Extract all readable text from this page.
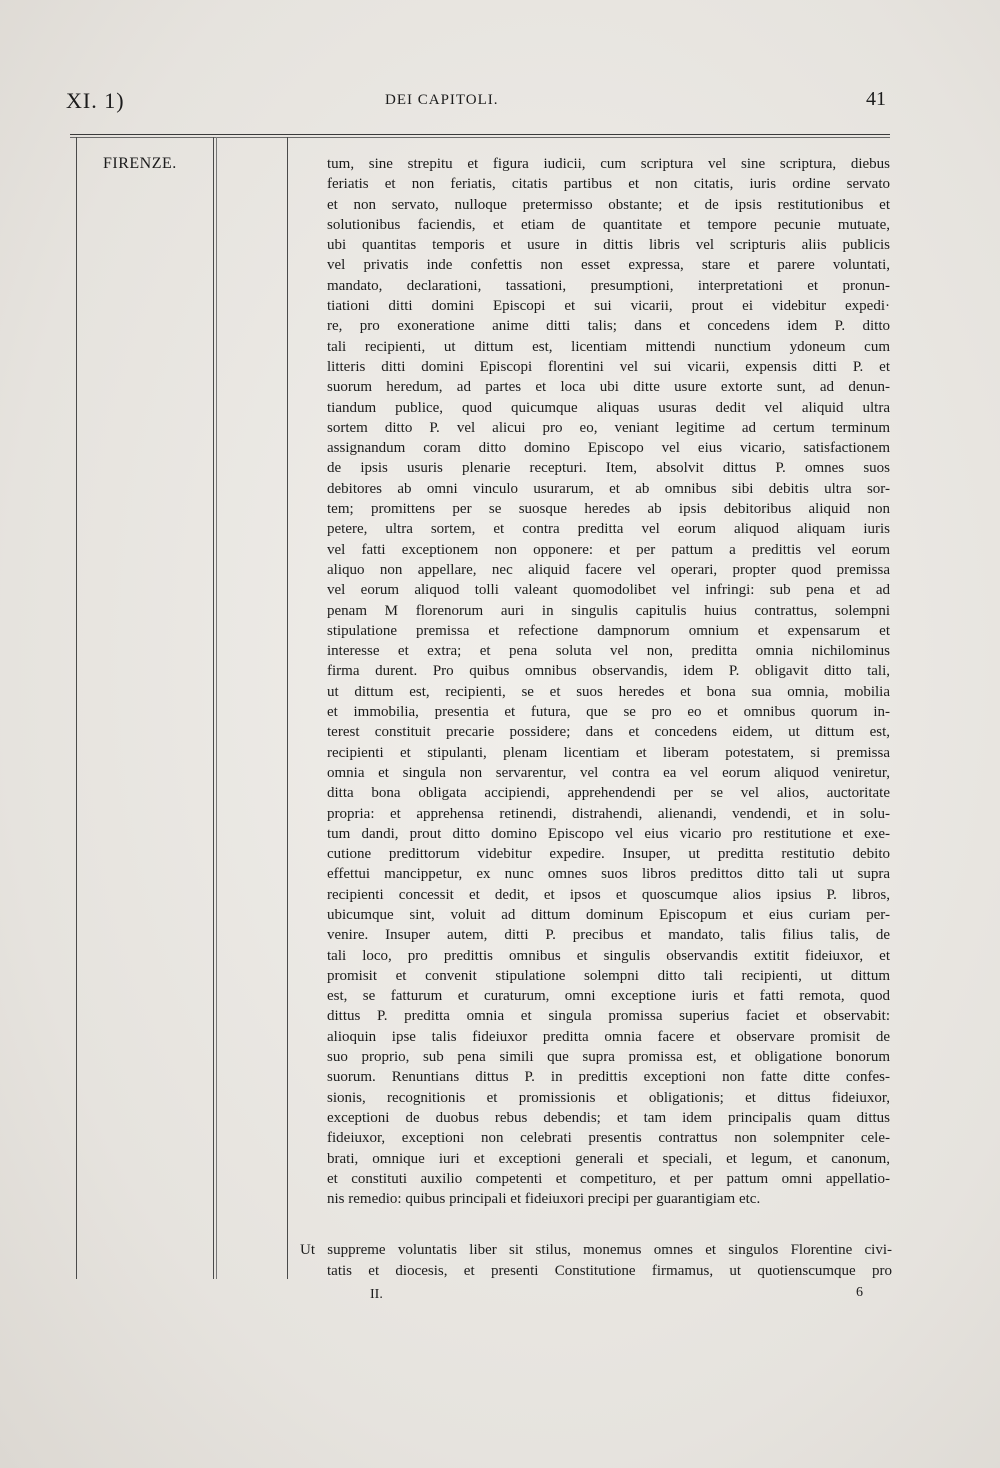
XI. 1)	DEI CAPITOLI.	41
FIRENZE.	tum, sine strepitu et figura iudicii, cum scriptura vel sine scriptura, diebus
feriatis et non feriatis, citatis partibus et non citatis, iuris ordine servato
et non servato, nulloque pretermisso obstante; et de ipsis restitutionibus et
solutionibus faciendis, et etiam de quantitate et tempore pecunie mutuate,
ubi quantitas temporis et usure in dittis libris vel scripturis aliis publicis
vel privatis inde confettis non esset expressa, stare et parere voluntati,
mandato, declarationi, tassationi, presumptioni, interpretationi et pronun-
tiationi ditti domini Episcopi et sui vicarii, prout ei videbitur expedi·
re, pro exoneratione anime ditti talis; dans et concedens idem P. ditto
tali recipienti, ut dittum est, licentiam mittendi nunctium ydoneum cum
litteris ditti domini Episcopi florentini vel sui vicarii, expensis ditti P. et
suorum heredum, ad partes et loca ubi ditte usure extorte sunt, ad denun-
tiandum publice, quod quicumque aliquas usuras dedit vel aliquid ultra
sortem ditto P. vel alicui pro eo, veniant legitime ad certum terminum
assignandum coram ditto domino Episcopo vel eius vicario, satisfactionem
de ipsis usuris plenarie recepturi. Item, absolvit dittus P. omnes suos
debitores ab omni vinculo usurarum, et ab omnibus sibi debitis ultra sor-
tem; promittens per se suosque heredes ab ipsis debitoribus aliquid non
petere, ultra sortem, et contra preditta vel eorum aliquod aliquam iuris
vel fatti exceptionem non opponere: et per pattum a predittis vel eorum
aliquo non appellare, nec aliquid facere vel operari, propter quod premissa
vel eorum aliquod tolli valeant quomodolibet vel infringi: sub pena et ad
penam M florenorum auri in singulis capitulis huius contrattus, solempni
stipulatione premissa et refectione dampnorum omnium et expensarum et
interesse et extra; et pena soluta vel non, preditta omnia nichilominus
firma durent. Pro quibus omnibus observandis, idem P. obligavit ditto tali,
ut dittum est, recipienti, se et suos heredes et bona sua omnia, mobilia
et immobilia, presentia et futura, que se pro eo et omnibus quorum in-
terest constituit precarie possidere; dans et concedens eidem, ut dittum est,
recipienti et stipulanti, plenam licentiam et liberam potestatem, si premissa
omnia et singula non servarentur, vel contra ea vel eorum aliquod veniretur,
ditta bona obligata accipiendi, apprehendendi per se vel alios, auctoritate
propria: et apprehensa retinendi, distrahendi, alienandi, vendendi, et in solu-
tum dandi, prout ditto domino Episcopo vel eius vicario pro restitutione et exe-
cutione predittorum videbitur expedire. Insuper, ut preditta restitutio debito
effettui mancippetur, ex nunc omnes suos libros predittos ditto tali ut supra
recipienti concessit et dedit, et ipsos et quoscumque alios ipsius P. libros,
ubicumque sint, voluit ad dittum dominum Episcopum et eius curiam per-
venire. Insuper autem, ditti P. precibus et mandato, talis filius talis, de
tali loco, pro predittis omnibus et singulis observandis extitit fideiuxor, et
promisit et convenit stipulatione solempni ditto tali recipienti, ut dittum
est, se fatturum et curaturum, omni exceptione iuris et fatti remota, quod
dittus P. preditta omnia et singula promissa superius faciet et observabit:
alioquin ipse talis fideiuxor preditta omnia facere et observare promisit de
suo proprio, sub pena simili que supra promissa est, et obligatione bonorum
suorum. Renuntians dittus P. in predittis exceptioni non fatte ditte confes-
sionis, recognitionis et promissionis et obligationis; et dittus fideiuxor,
exceptioni de duobus rebus debendis; et tam idem principalis quam dittus
fideiuxor, exceptioni non celebrati presentis contrattus non solempniter cele-
brati, omnique iuri et exceptioni generali et speciali, et legum, et canonum,
et constituti auxilio competenti et competituro, et per pattum omni appellatio-
nis remedio: quibus principali et fideiuxori precipi per guarantigiam etc.
Ut suppreme voluntatis liber sit stilus, monemus omnes et singulos Florentine civi-
tatis et diocesis, et presenti Constitutione firmamus, ut quotienscumque pro
II.	6
